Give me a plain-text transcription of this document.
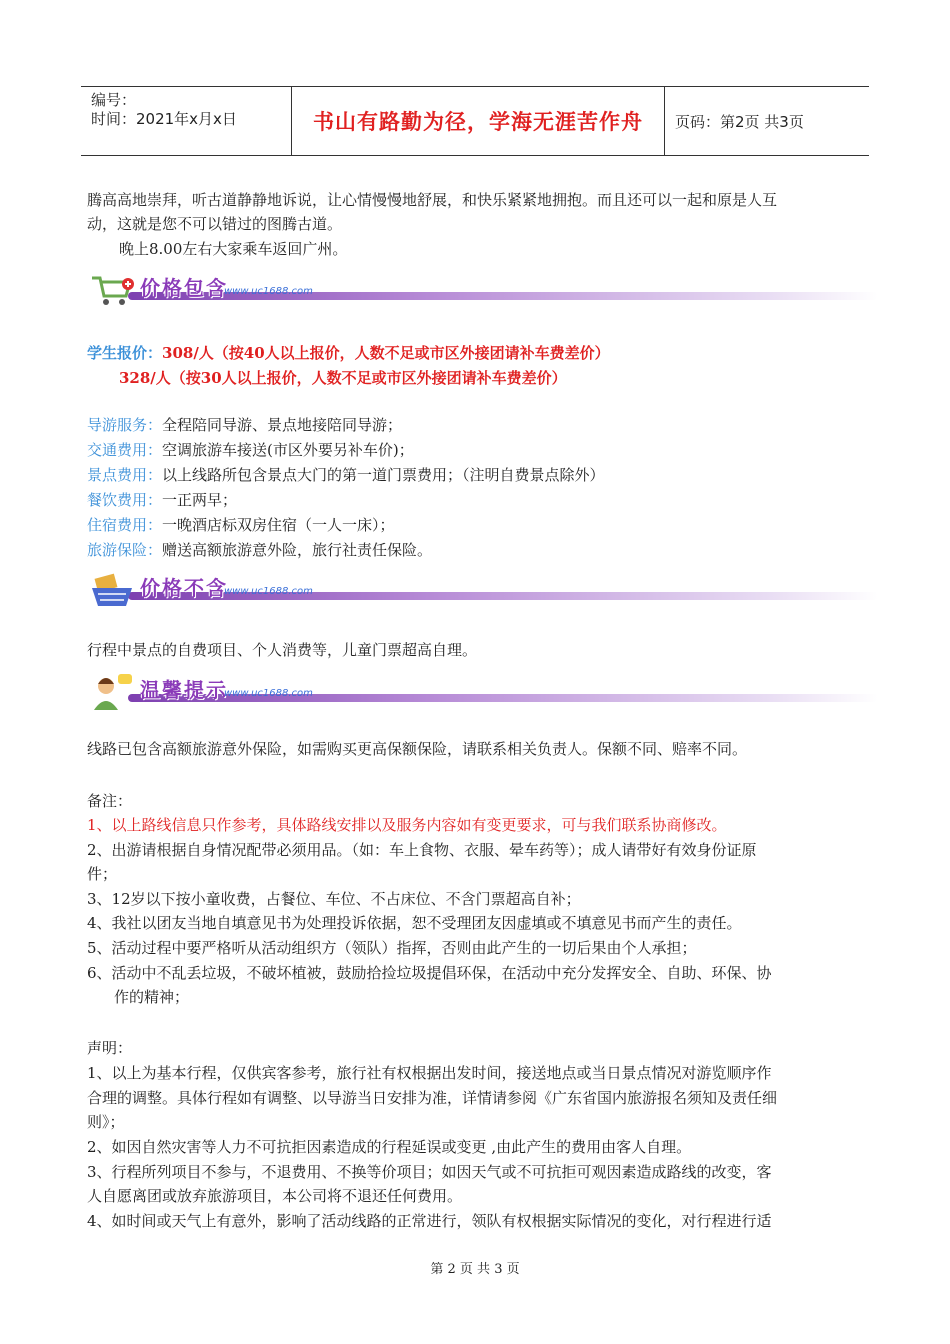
编号：
时间：2021年x月x日	书山有路勤为径，学海无涯苦作舟	页码：第2页 共3页
腾高高地崇拜，听古道静静地诉说，让心情慢慢地舒展，和快乐紧紧地拥抱。而且还可以一起和原是人互
动，这就是您不可以错过的图腾古道。
晚上8.00左右大家乘车返回广州。
价格包含
www.uc1688.com
学生报价：308/人（按40人以上报价，人数不足或市区外接团请补车费差价）
328/人（按30人以上报价，人数不足或市区外接团请补车费差价）
导游服务：全程陪同导游、景点地接陪同导游；
交通费用：空调旅游车接送(市区外要另补车价)；
景点费用：以上线路所包含景点大门的第一道门票费用；（注明自费景点除外）
餐饮费用：一正两早；
住宿费用：一晚酒店标双房住宿（一人一床）；
旅游保险：赠送高额旅游意外险，旅行社责任保险。
价格不含
www.uc1688.com
行程中景点的自费项目、个人消费等，儿童门票超高自理。
温馨提示
www.uc1688.com
线路已包含高额旅游意外保险，如需购买更高保额保险，请联系相关负责人。保额不同、赔率不同。
备注：
1、以上路线信息只作参考，具体路线安排以及服务内容如有变更要求，可与我们联系协商修改。
2、出游请根据自身情况配带必须用品。（如：车上食物、衣服、晕车药等）；成人请带好有效身份证原
件；
3、12岁以下按小童收费，占餐位、车位、不占床位、不含门票超高自补；
4、我社以团友当地自填意见书为处理投诉依据，恕不受理团友因虚填或不填意见书而产生的责任。
5、活动过程中要严格听从活动组织方（领队）指挥，否则由此产生的一切后果由个人承担；
6、活动中不乱丢垃圾，不破坏植被，鼓励拾捡垃圾提倡环保，在活动中充分发挥安全、自助、环保、协
作的精神；
声明：
1、以上为基本行程，仅供宾客参考，旅行社有权根据出发时间，接送地点或当日景点情况对游览顺序作
合理的调整。具体行程如有调整、以导游当日安排为准，详情请参阅《广东省国内旅游报名须知及责任细
则》；
2、如因自然灾害等人力不可抗拒因素造成的行程延误或变更 ,由此产生的费用由客人自理。
3、行程所列项目不参与，不退费用、不换等价项目；如因天气或不可抗拒可观因素造成路线的改变，客
人自愿离团或放弃旅游项目，本公司将不退还任何费用。
4、如时间或天气上有意外，影响了活动线路的正常进行，领队有权根据实际情况的变化，对行程进行适
第 2 页 共 3 页
